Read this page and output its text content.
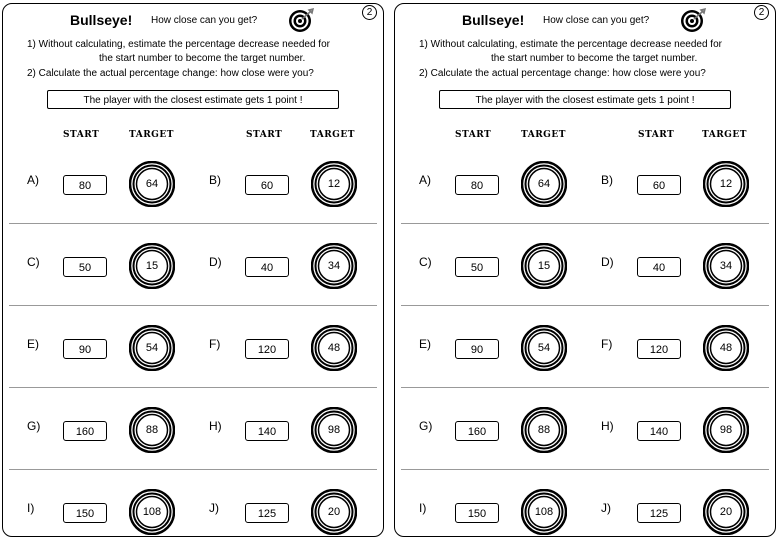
Bullseye! How close can you get?
2
1) Without calculating, estimate the percentage decrease needed for
the start number to become the target number.
2) Calculate the actual percentage change: how close were you?
The player with the closest estimate gets 1 point !
START	TARGET	START	TARGET
A)	80	64	B)	60	12
C)	50	15	D)	40	34
E)	90	54	F)	120	48
G)	160	88	H)	140	98
I)	150	108	J)	125	20
Bullseye! How close can you get?
2
1) Without calculating, estimate the percentage decrease needed for
the start number to become the target number.
2) Calculate the actual percentage change: how close were you?
The player with the closest estimate gets 1 point !
START	TARGET	START	TARGET
A)	80	64	B)	60	12
C)	50	15	D)	40	34
E)	90	54	F)	120	48
G)	160	88	H)	140	98
I)	150	108	J)	125	20
